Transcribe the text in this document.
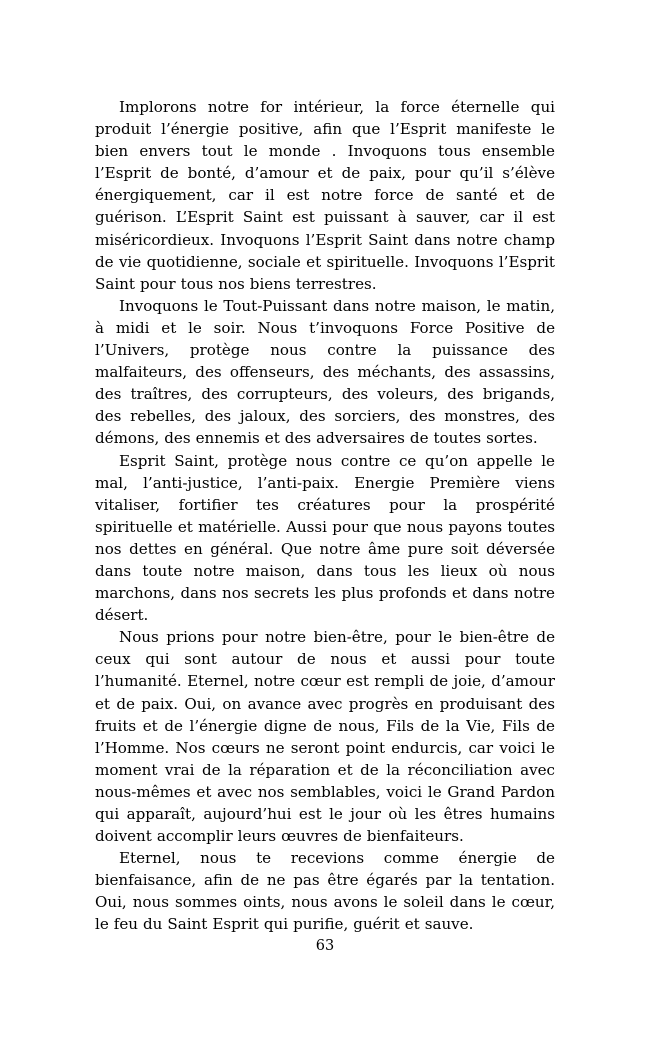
Implorons notre for intérieur, la force éternelle qui produit l’énergie positive, afin que l’Esprit manifeste le bien envers tout le monde . Invoquons tous ensemble l’Esprit de bonté, d’amour et de paix, pour qu’il s’élève énergiquement, car il est notre force de santé et de guérison. L’Esprit Saint est puissant à sauver, car il est miséricordieux. Invoquons l’Esprit Saint dans notre champ de vie quotidienne, sociale et spirituelle. Invoquons l’Esprit Saint pour tous nos biens terrestres.

Invoquons le Tout-Puissant dans notre maison, le matin, à midi et le soir. Nous t’invoquons Force Positive de l’Univers, protège nous contre la puissance des malfaiteurs, des offenseurs, des méchants, des assassins, des traîtres, des corrupteurs, des voleurs, des brigands, des rebelles, des jaloux, des sorciers, des monstres, des démons, des ennemis et des adversaires de toutes sortes.

Esprit Saint, protège nous contre ce qu’on appelle le mal, l’anti-justice, l’anti-paix. Energie Première viens vitaliser, fortifier tes créatures pour la prospérité spirituelle et matérielle. Aussi pour que nous payons toutes nos dettes en général. Que notre âme pure soit déversée dans toute notre maison, dans tous les lieux où nous marchons, dans nos secrets les plus profonds et dans notre désert.

Nous prions pour notre bien-être, pour le bien-être de ceux qui sont autour de nous et aussi pour toute l’humanité. Eternel, notre cœur est rempli de joie, d’amour et de paix. Oui, on avance avec progrès en produisant des fruits et de l’énergie digne de nous, Fils de la Vie, Fils de l’Homme. Nos cœurs ne seront point endurcis, car voici le moment vrai de la réparation et de la réconciliation avec nous-mêmes et avec nos semblables, voici le Grand Pardon qui apparaît, aujourd’hui est le jour où les êtres humains doivent accomplir leurs œuvres de bienfaiteurs.

Eternel, nous te recevions comme énergie de bienfaisance, afin de ne pas être égarés par la tentation. Oui, nous sommes oints, nous avons le soleil dans le cœur, le feu du Saint Esprit qui purifie, guérit et sauve.

63
